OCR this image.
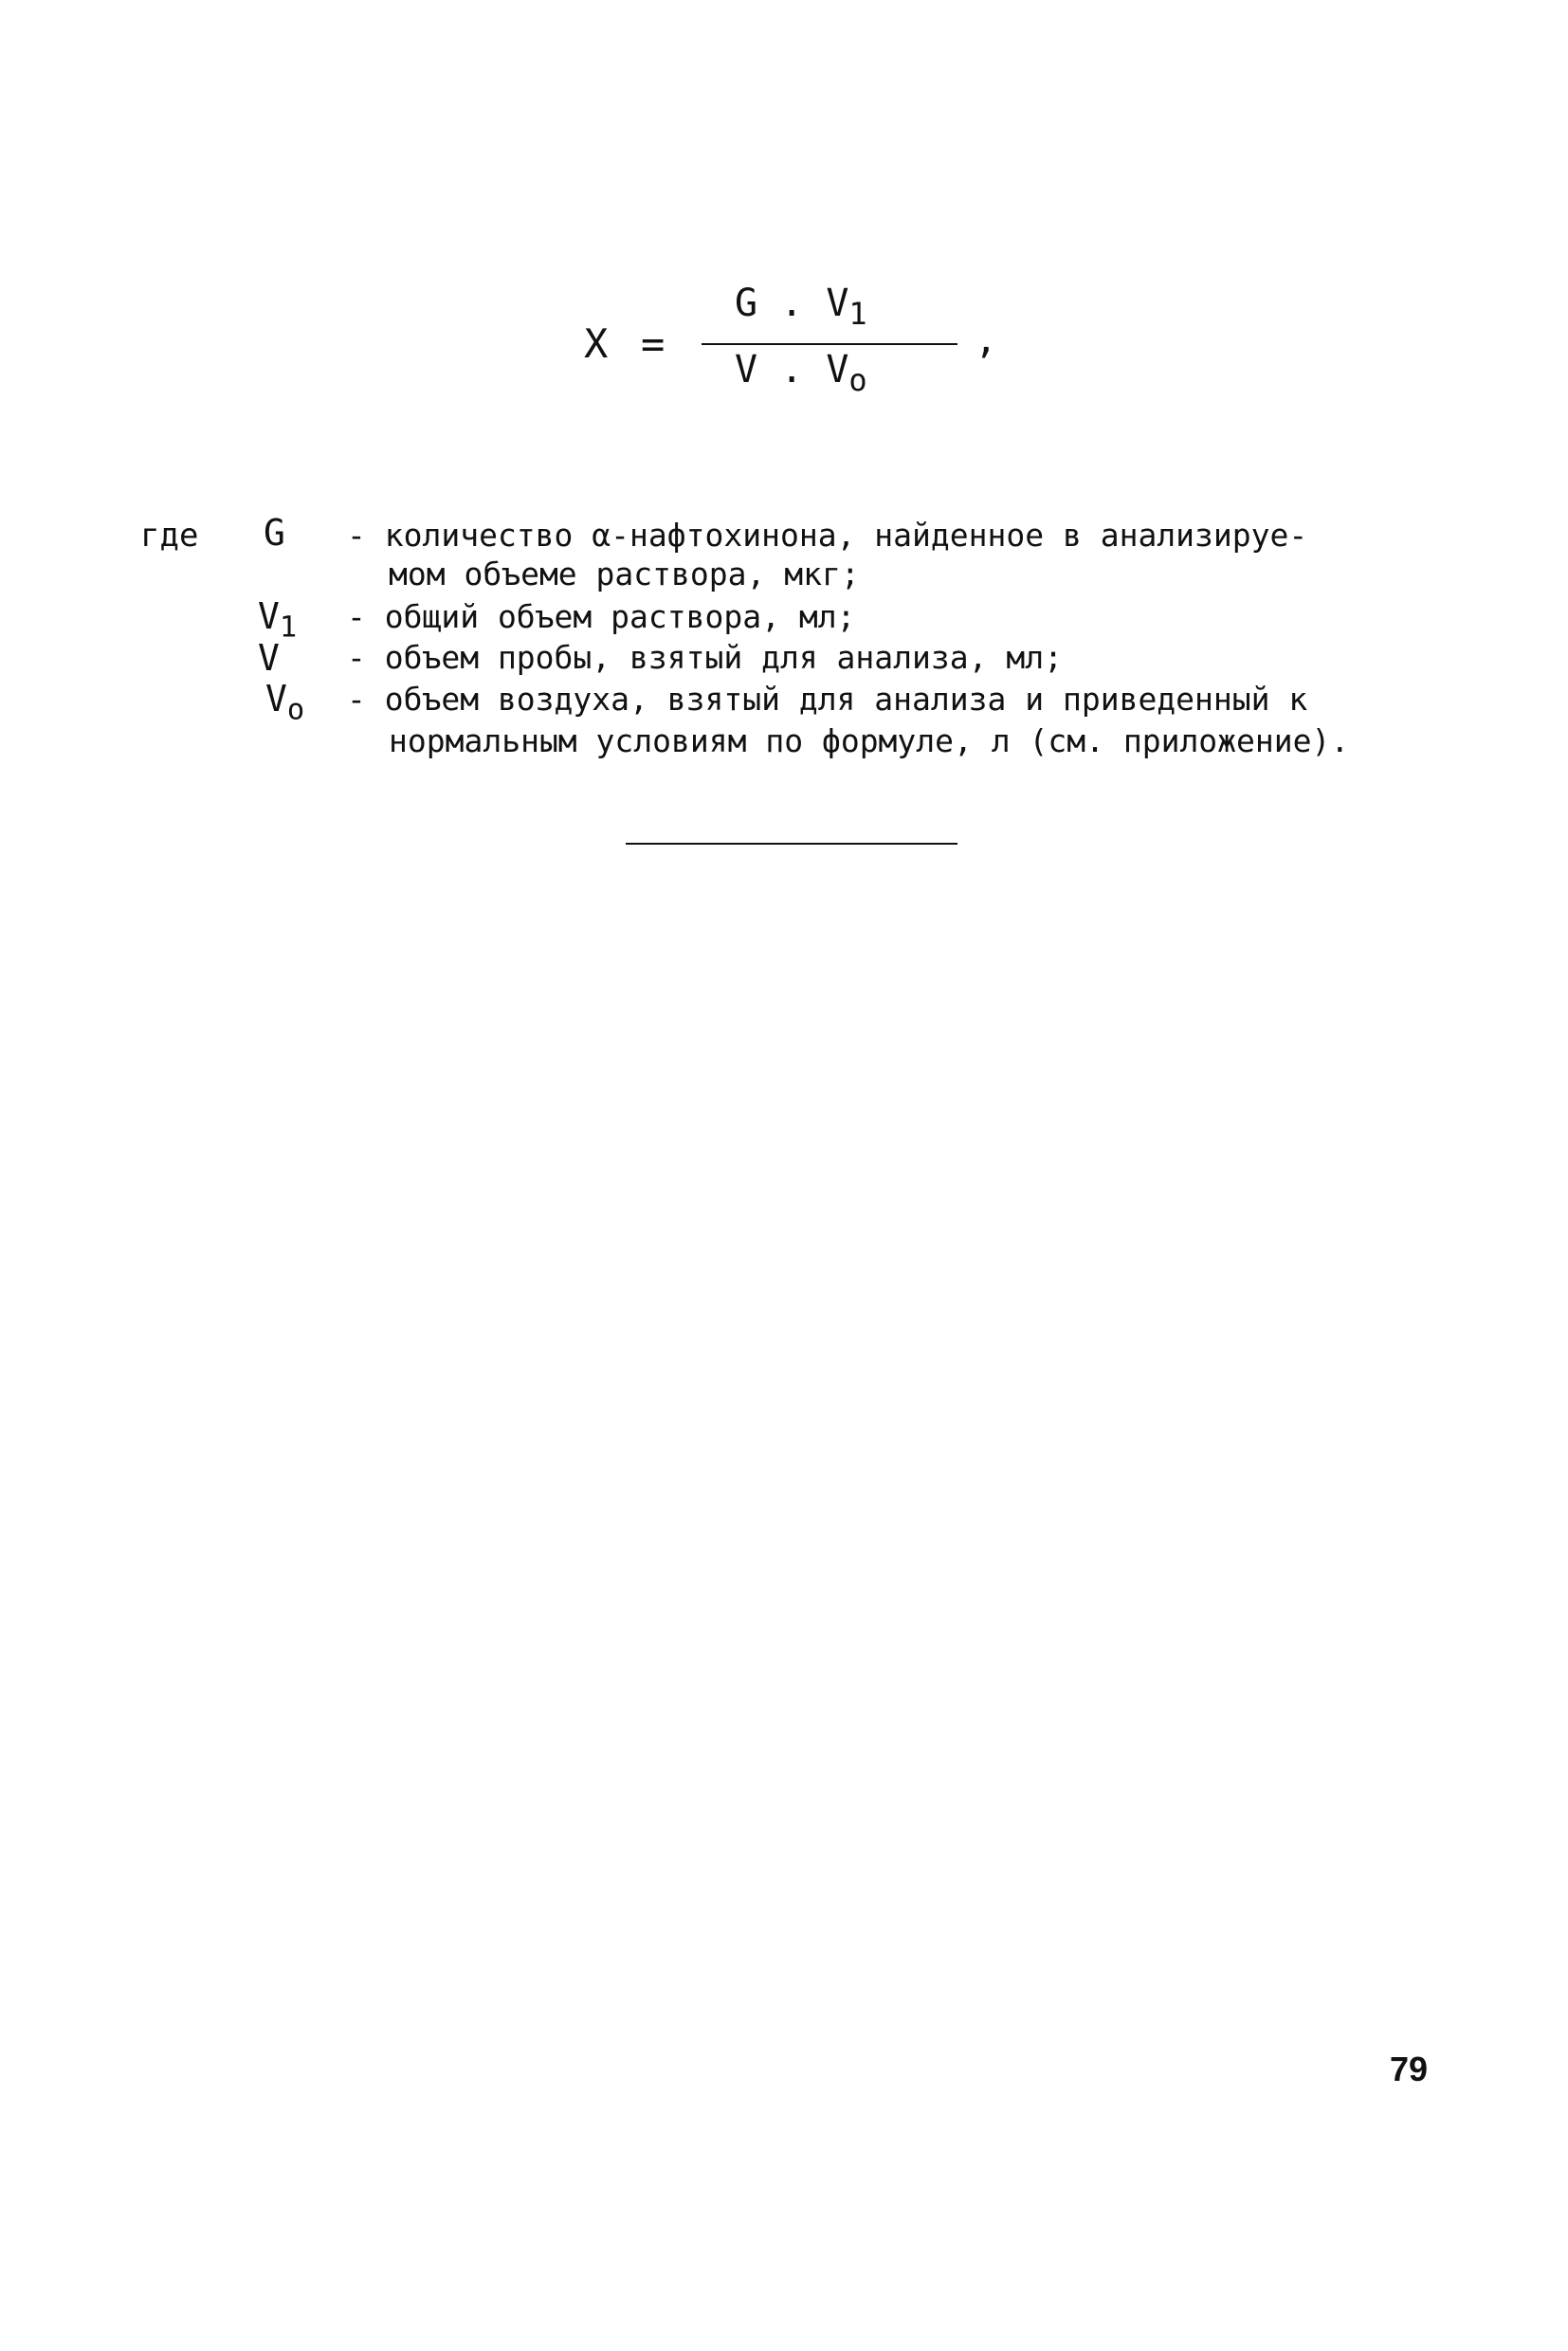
X =
G . $V_1$
V . $V_o$
,
где G - количество α-нафтохинона, найденное в анализируе-
мом объеме раствора, мкг;
$V_1$ - общий объем раствора, мл;
V - объем пробы, взятый для анализа, мл;
$V_o$ - объем воздуха, взятый для анализа и приведенный к
нормальным условиям по формуле, л (см. приложение).
79
